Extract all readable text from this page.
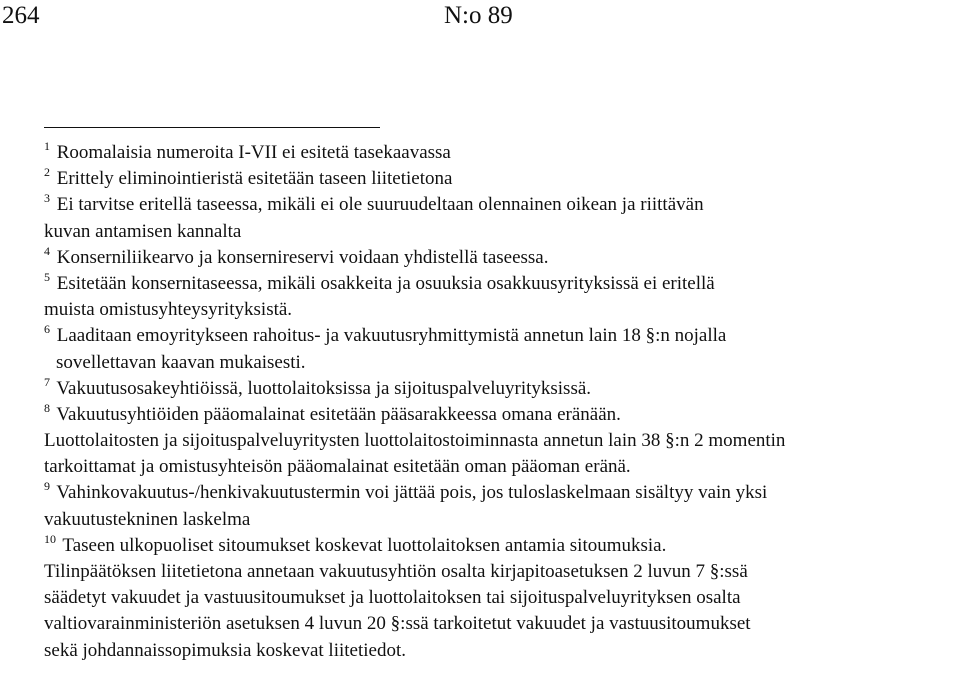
264	N:o 89
$^1$ Roomalaisia numeroita I-VII ei esitetä tasekaavassa
$^2$ Erittely eliminointieristä esitetään taseen liitetietona
$^3$ Ei tarvitse eritellä taseessa, mikäli ei ole suuruudeltaan olennainen oikean ja riittävän
kuvan antamisen kannalta
$^4$ Konserniliikearvo ja konsernireservi voidaan yhdistellä taseessa.
$^5$ Esitetään konsernitaseessa, mikäli osakkeita ja osuuksia osakkuusyrityksissä ei eritellä
muista omistusyhteysyrityksistä.
$^6$ Laaditaan emoyritykseen rahoitus- ja vakuutusryhmittymistä annetun lain 18 §:n nojalla
sovellettavan kaavan mukaisesti.
$^7$ Vakuutusosakeyhtiöissä, luottolaitoksissa ja sijoituspalveluyrityksissä.
$^8$ Vakuutusyhtiöiden pääomalainat esitetään pääsarakkeessa omana eränään.
Luottolaitosten ja sijoituspalveluyritysten luottolaitostoiminnasta annetun lain 38 §:n 2 momentin
tarkoittamat ja omistusyhteisön pääomalainat esitetään oman pääoman eränä.
$^9$ Vahinkovakuutus-/henkivakuutustermin voi jättää pois, jos tuloslaskelmaan sisältyy vain yksi
vakuutustekninen laskelma
$^{10}$ Taseen ulkopuoliset sitoumukset koskevat luottolaitoksen antamia sitoumuksia.
Tilinpäätöksen liitetietona annetaan vakuutusyhtiön osalta kirjapitoasetuksen 2 luvun 7 §:ssä
säädetyt vakuudet ja vastuusitoumukset ja luottolaitoksen tai sijoituspalveluyrityksen osalta
valtiovarainministeriön asetuksen 4 luvun 20 §:ssä tarkoitetut vakuudet ja vastuusitoumukset
sekä johdannaissopimuksia koskevat liitetiedot.
